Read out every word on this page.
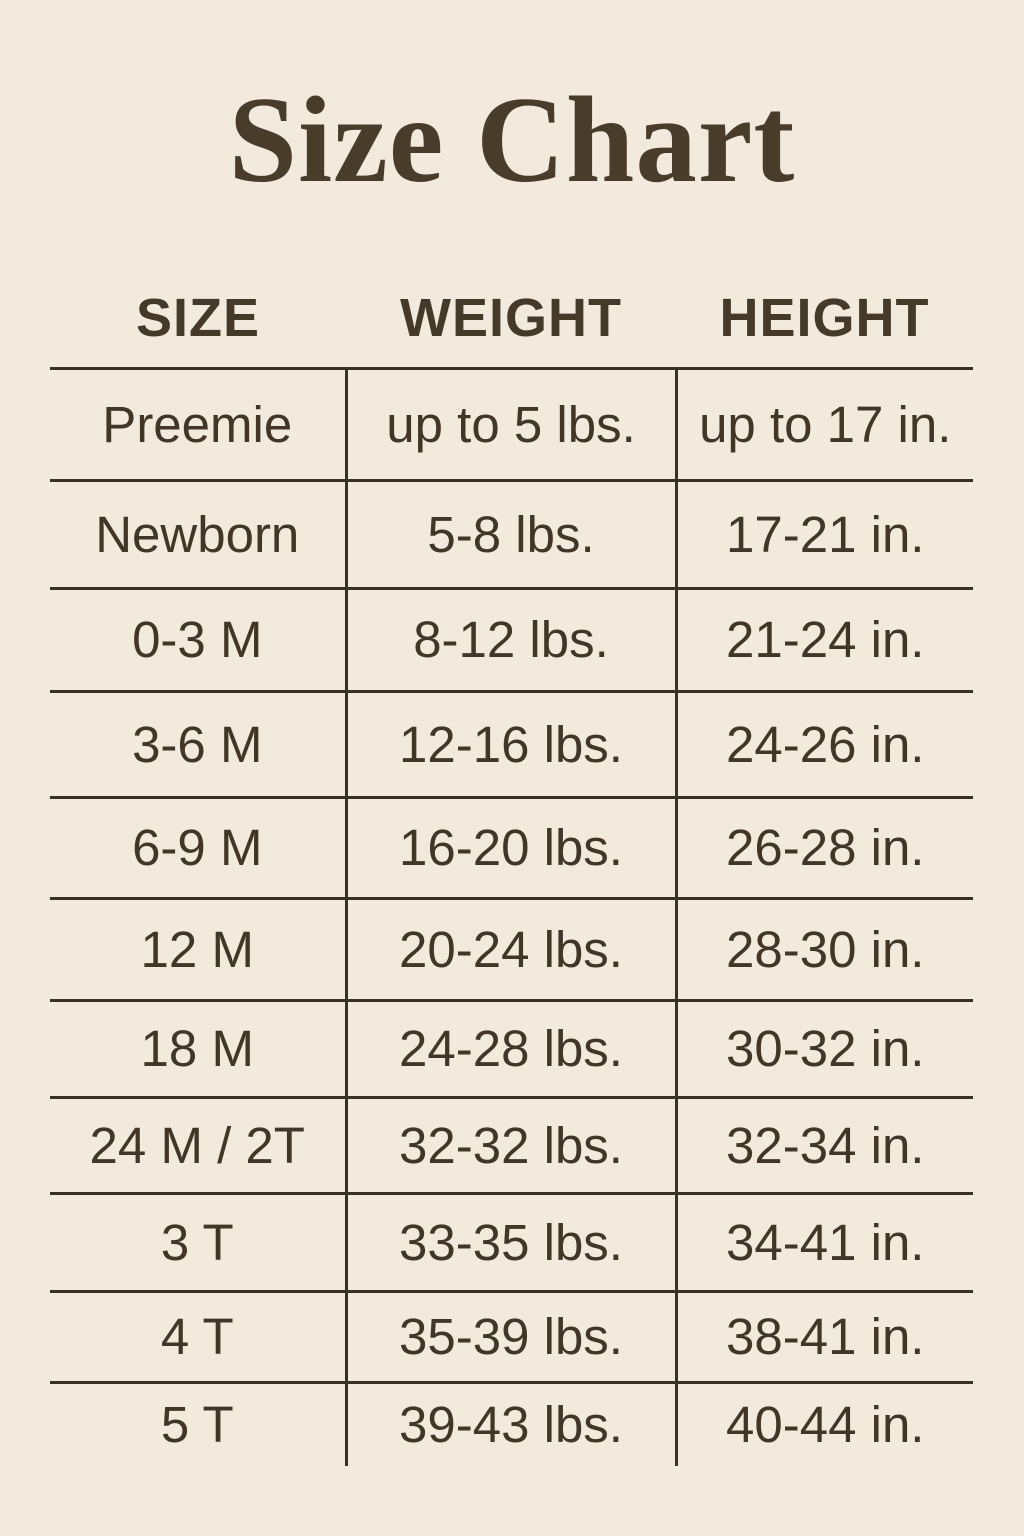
Size Chart
SIZE	WEIGHT	HEIGHT
Preemie	up to 5 lbs.	up to 17 in.
Newborn	5-8 lbs.	17-21 in.
0-3 M	8-12 lbs.	21-24 in.
3-6 M	12-16 lbs.	24-26 in.
6-9 M	16-20 lbs.	26-28 in.
12 M	20-24 lbs.	28-30 in.
18 M	24-28 lbs.	30-32 in.
24 M / 2T	32-32 lbs.	32-34 in.
3 T	33-35 lbs.	34-41 in.
4 T	35-39 lbs.	38-41 in.
5 T	39-43 lbs.	40-44 in.
